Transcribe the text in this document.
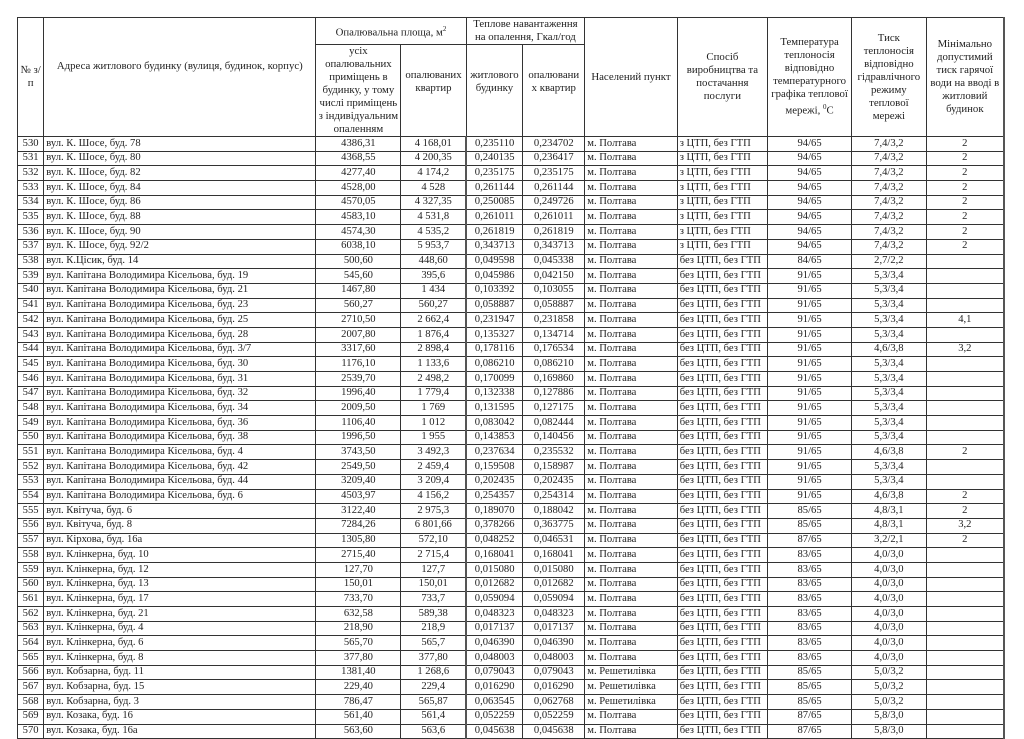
№ з/п	Адреса житлового будинку (вулиця, будинок, корпус)	Опалювальна площа, $м^2$		Теплове навантаження на опалення, Гкал/год		Населений пункт	Спосіб виробництва та постачання послуги	Температура теплоносія відповідно температурного графіка теплової мережі, $^0$С	Тиск теплоносія відповідно гідравлічного режиму теплової мережі	Мінімально допустимий тиск гарячої води на вводі в житловий будинок
		усіх опалювальних приміщень в будинку, у тому числі приміщень з індивідуальним опаленням	опалюваних квартир	житлового будинку	опалювани х квартир					
530	вул. К. Шосе, буд. 78	4386,31	4 168,01	0,235110	0,234702	м. Полтава	з ЦТП, без ГТП	94/65	7,4/3,2	2
531	вул. К. Шосе, буд. 80	4368,55	4 200,35	0,240135	0,236417	м. Полтава	з ЦТП, без ГТП	94/65	7,4/3,2	2
532	вул. К. Шосе, буд. 82	4277,40	4 174,2	0,235175	0,235175	м. Полтава	з ЦТП, без ГТП	94/65	7,4/3,2	2
533	вул. К. Шосе, буд. 84	4528,00	4 528	0,261144	0,261144	м. Полтава	з ЦТП, без ГТП	94/65	7,4/3,2	2
534	вул. К. Шосе, буд. 86	4570,05	4 327,35	0,250085	0,249726	м. Полтава	з ЦТП, без ГТП	94/65	7,4/3,2	2
535	вул. К. Шосе, буд. 88	4583,10	4 531,8	0,261011	0,261011	м. Полтава	з ЦТП, без ГТП	94/65	7,4/3,2	2
536	вул. К. Шосе, буд. 90	4574,30	4 535,2	0,261819	0,261819	м. Полтава	з ЦТП, без ГТП	94/65	7,4/3,2	2
537	вул. К. Шосе, буд. 92/2	6038,10	5 953,7	0,343713	0,343713	м. Полтава	з ЦТП, без ГТП	94/65	7,4/3,2	2
538	вул. К.Цісик, буд. 14	500,60	448,60	0,049598	0,045338	м. Полтава	без ЦТП, без ГТП	84/65	2,7/2,2	
539	вул. Капітана Володимира Кісельова, буд. 19	545,60	395,6	0,045986	0,042150	м. Полтава	без ЦТП, без ГТП	91/65	5,3/3,4	
540	вул. Капітана Володимира Кісельова, буд. 21	1467,80	1 434	0,103392	0,103055	м. Полтава	без ЦТП, без ГТП	91/65	5,3/3,4	
541	вул. Капітана Володимира Кісельова, буд. 23	560,27	560,27	0,058887	0,058887	м. Полтава	без ЦТП, без ГТП	91/65	5,3/3,4	
542	вул. Капітана Володимира Кісельова, буд. 25	2710,50	2 662,4	0,231947	0,231858	м. Полтава	без ЦТП, без ГТП	91/65	5,3/3,4	4,1
543	вул. Капітана Володимира Кісельова, буд. 28	2007,80	1 876,4	0,135327	0,134714	м. Полтава	без ЦТП, без ГТП	91/65	5,3/3,4	
544	вул. Капітана Володимира Кісельова, буд. 3/7	3317,60	2 898,4	0,178116	0,176534	м. Полтава	без ЦТП, без ГТП	91/65	4,6/3,8	3,2
545	вул. Капітана Володимира Кісельова, буд. 30	1176,10	1 133,6	0,086210	0,086210	м. Полтава	без ЦТП, без ГТП	91/65	5,3/3,4	
546	вул. Капітана Володимира Кісельова, буд. 31	2539,70	2 498,2	0,170099	0,169860	м. Полтава	без ЦТП, без ГТП	91/65	5,3/3,4	
547	вул. Капітана Володимира Кісельова, буд. 32	1996,40	1 779,4	0,132338	0,127886	м. Полтава	без ЦТП, без ГТП	91/65	5,3/3,4	
548	вул. Капітана Володимира Кісельова, буд. 34	2009,50	1 769	0,131595	0,127175	м. Полтава	без ЦТП, без ГТП	91/65	5,3/3,4	
549	вул. Капітана Володимира Кісельова, буд. 36	1106,40	1 012	0,083042	0,082444	м. Полтава	без ЦТП, без ГТП	91/65	5,3/3,4	
550	вул. Капітана Володимира Кісельова, буд. 38	1996,50	1 955	0,143853	0,140456	м. Полтава	без ЦТП, без ГТП	91/65	5,3/3,4	
551	вул. Капітана Володимира Кісельова, буд. 4	3743,50	3 492,3	0,237634	0,235532	м. Полтава	без ЦТП, без ГТП	91/65	4,6/3,8	2
552	вул. Капітана Володимира Кісельова, буд. 42	2549,50	2 459,4	0,159508	0,158987	м. Полтава	без ЦТП, без ГТП	91/65	5,3/3,4	
553	вул. Капітана Володимира Кісельова, буд. 44	3209,40	3 209,4	0,202435	0,202435	м. Полтава	без ЦТП, без ГТП	91/65	5,3/3,4	
554	вул. Капітана Володимира Кісельова, буд. 6	4503,97	4 156,2	0,254357	0,254314	м. Полтава	без ЦТП, без ГТП	91/65	4,6/3,8	2
555	вул. Квітуча, буд. 6	3122,40	2 975,3	0,189070	0,188042	м. Полтава	без ЦТП, без ГТП	85/65	4,8/3,1	2
556	вул. Квітуча, буд. 8	7284,26	6 801,66	0,378266	0,363775	м. Полтава	без ЦТП, без ГТП	85/65	4,8/3,1	3,2
557	вул. Кірхова, буд. 16а	1305,80	572,10	0,048252	0,046531	м. Полтава	без ЦТП, без ГТП	87/65	3,2/2,1	2
558	вул. Клінкерна, буд. 10	2715,40	2 715,4	0,168041	0,168041	м. Полтава	без ЦТП, без ГТП	83/65	4,0/3,0	
559	вул. Клінкерна, буд. 12	127,70	127,7	0,015080	0,015080	м. Полтава	без ЦТП, без ГТП	83/65	4,0/3,0	
560	вул. Клінкерна, буд. 13	150,01	150,01	0,012682	0,012682	м. Полтава	без ЦТП, без ГТП	83/65	4,0/3,0	
561	вул. Клінкерна, буд. 17	733,70	733,7	0,059094	0,059094	м. Полтава	без ЦТП, без ГТП	83/65	4,0/3,0	
562	вул. Клінкерна, буд. 21	632,58	589,38	0,048323	0,048323	м. Полтава	без ЦТП, без ГТП	83/65	4,0/3,0	
563	вул. Клінкерна, буд. 4	218,90	218,9	0,017137	0,017137	м. Полтава	без ЦТП, без ГТП	83/65	4,0/3,0	
564	вул. Клінкерна, буд. 6	565,70	565,7	0,046390	0,046390	м. Полтава	без ЦТП, без ГТП	83/65	4,0/3,0	
565	вул. Клінкерна, буд. 8	377,80	377,80	0,048003	0,048003	м. Полтава	без ЦТП, без ГТП	83/65	4,0/3,0	
566	вул. Кобзарна, буд. 11	1381,40	1 268,6	0,079043	0,079043	м. Решетилівка	без ЦТП, без ГТП	85/65	5,0/3,2	
567	вул. Кобзарна, буд. 15	229,40	229,4	0,016290	0,016290	м. Решетилівка	без ЦТП, без ГТП	85/65	5,0/3,2	
568	вул. Кобзарна, буд. 3	786,47	565,87	0,063545	0,062768	м. Решетилівка	без ЦТП, без ГТП	85/65	5,0/3,2	
569	вул. Козака, буд. 16	561,40	561,4	0,052259	0,052259	м. Полтава	без ЦТП, без ГТП	87/65	5,8/3,0	
570	вул. Козака, буд. 16а	563,60	563,6	0,045638	0,045638	м. Полтава	без ЦТП, без ГТП	87/65	5,8/3,0	
